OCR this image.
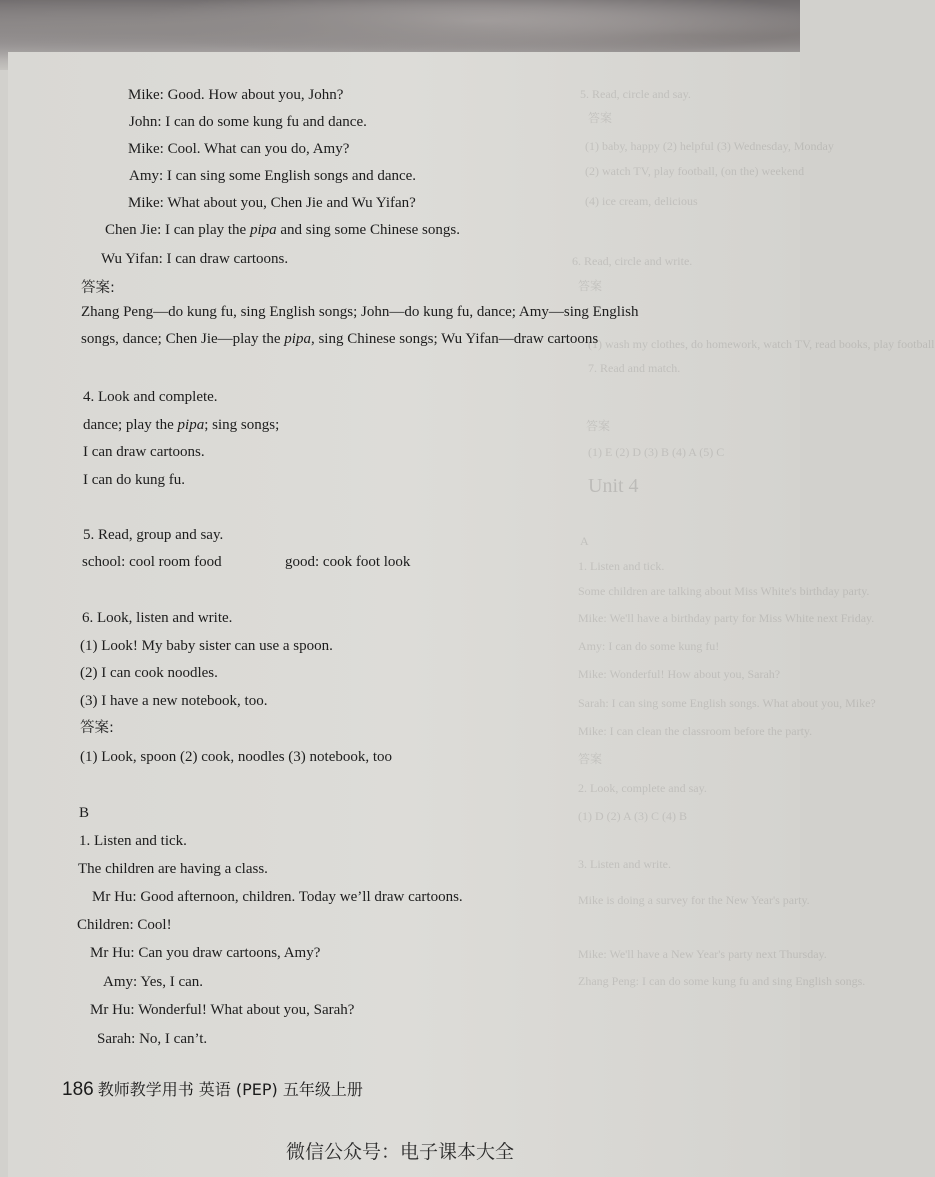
5. Read, circle and say.
答案
(1) baby, happy (2) helpful (3) Wednesday, Monday
(2) watch TV, play football, (on the) weekend
(4) ice cream, delicious
6. Read, circle and write.
答案
(1) wash my clothes, do homework, watch TV, read books, play football
7. Read and match.
答案
(1) E (2) D (3) B (4) A (5) C
Unit 4
A
1. Listen and tick.
Some children are talking about Miss White's birthday party.
Mike: We'll have a birthday party for Miss White next Friday.
Amy: I can do some kung fu!
Mike: Wonderful! How about you, Sarah?
Sarah: I can sing some English songs. What about you, Mike?
Mike: I can clean the classroom before the party.
答案
2. Look, complete and say.
(1) D (2) A (3) C (4) B
3. Listen and write.
Mike is doing a survey for the New Year's party.
Mike: We'll have a New Year's party next Thursday.
Zhang Peng: I can do some kung fu and sing English songs.
Mike: Good. How about you, John?
John: I can do some kung fu and dance.
Mike: Cool. What can you do, Amy?
Amy: I can sing some English songs and dance.
Mike: What about you, Chen Jie and Wu Yifan?
Chen Jie: I can play the pipa and sing some Chinese songs.
Wu Yifan: I can draw cartoons.
答案:
Zhang Peng—do kung fu, sing English songs; John—do kung fu, dance; Amy—sing English
songs, dance; Chen Jie—play the pipa, sing Chinese songs; Wu Yifan—draw cartoons
4. Look and complete.
dance; play the pipa; sing songs;
I can draw cartoons.
I can do kung fu.
5. Read, group and say.
school: cool room food	good: cook foot look
6. Look, listen and write.
(1) Look! My baby sister can use a spoon.
(2) I can cook noodles.
(3) I have a new notebook, too.
答案:
(1) Look, spoon (2) cook, noodles (3) notebook, too
B
1. Listen and tick.
The children are having a class.
Mr Hu: Good afternoon, children. Today we’ll draw cartoons.
Children: Cool!
Mr Hu: Can you draw cartoons, Amy?
Amy: Yes, I can.
Mr Hu: Wonderful! What about you, Sarah?
Sarah: No, I can’t.
186 教师教学用书 英语 (PEP) 五年级上册
微信公众号：电子课本大全
